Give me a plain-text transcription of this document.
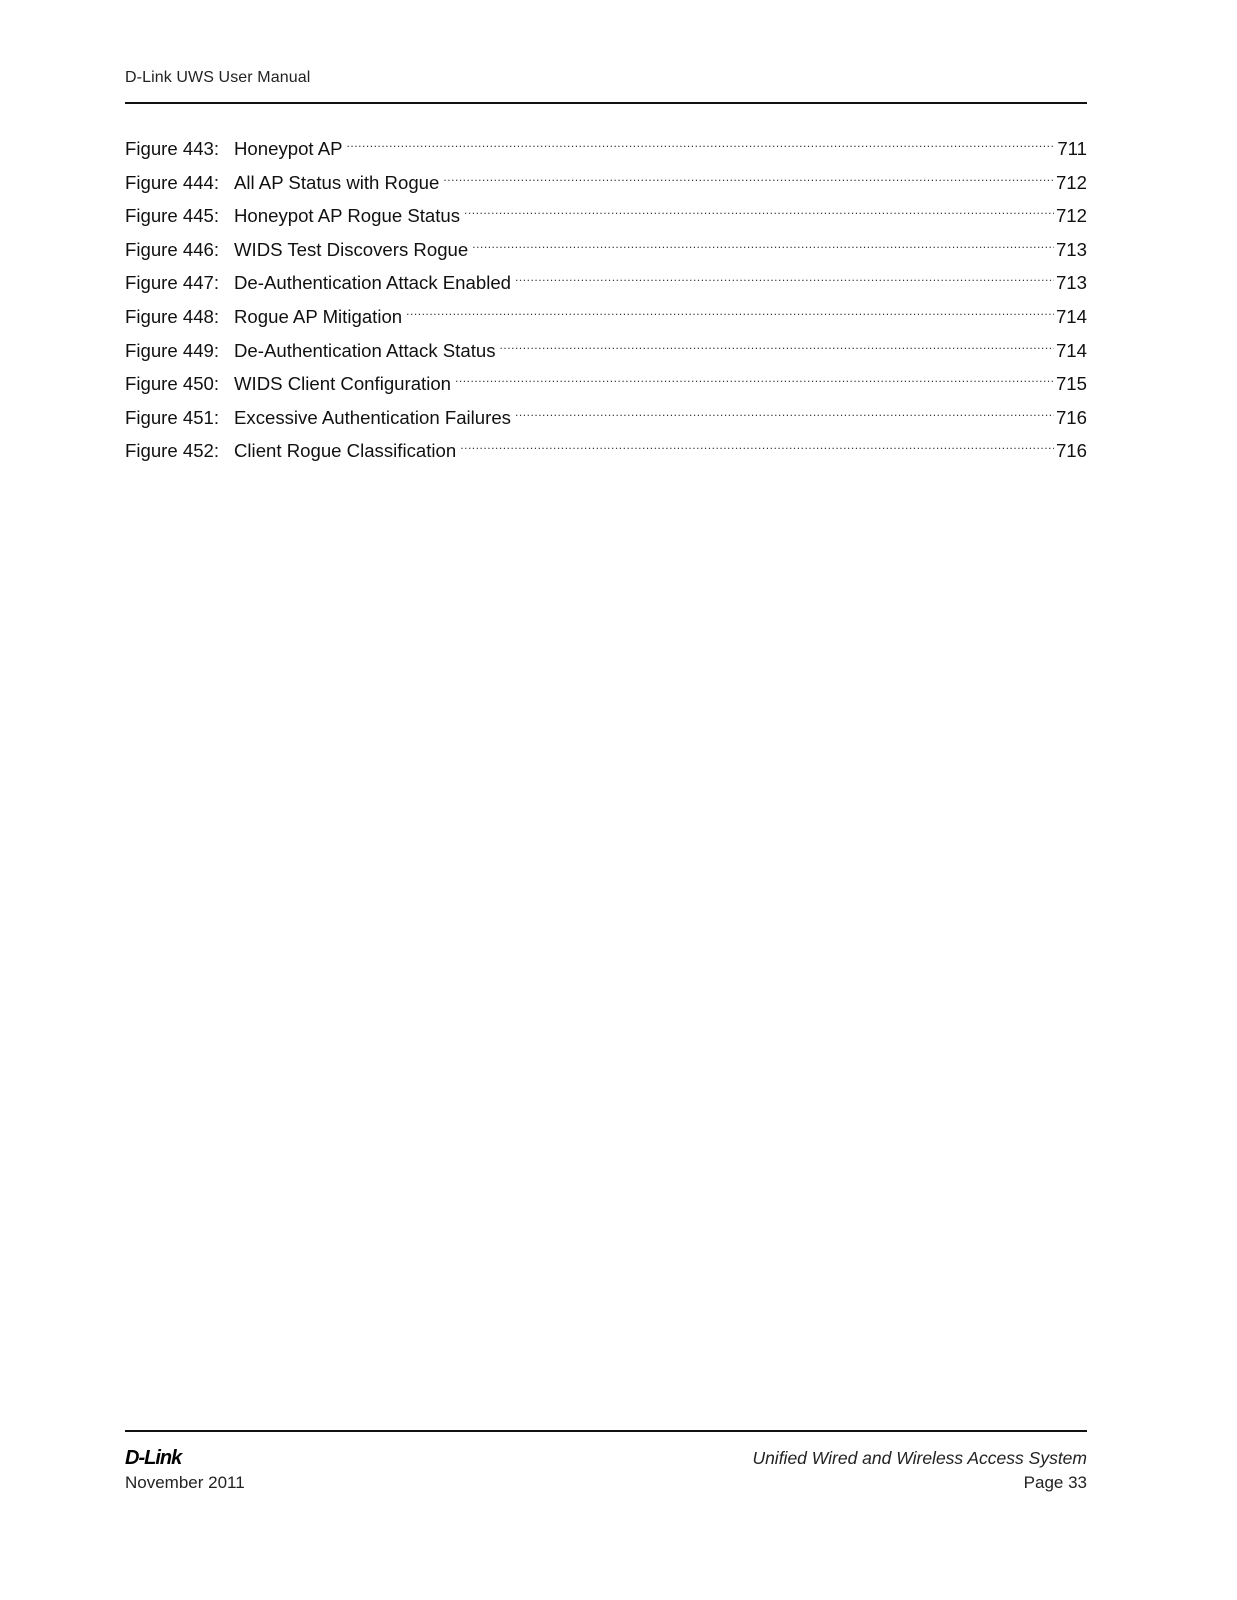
D-Link UWS User Manual
Figure 443: Honeypot AP . . .	711
Figure 444: All AP Status with Rogue . . .	712
Figure 445: Honeypot AP Rogue Status . . .	712
Figure 446: WIDS Test Discovers Rogue . . .	713
Figure 447: De-Authentication Attack Enabled . . .	713
Figure 448: Rogue AP Mitigation . . .	714
Figure 449: De-Authentication Attack Status . . .	714
Figure 450: WIDS Client Configuration . . .	715
Figure 451: Excessive Authentication Failures . . .	716
Figure 452: Client Rogue Classification . . .	716
D-Link
November 2011
Unified Wired and Wireless Access System
Page 33
